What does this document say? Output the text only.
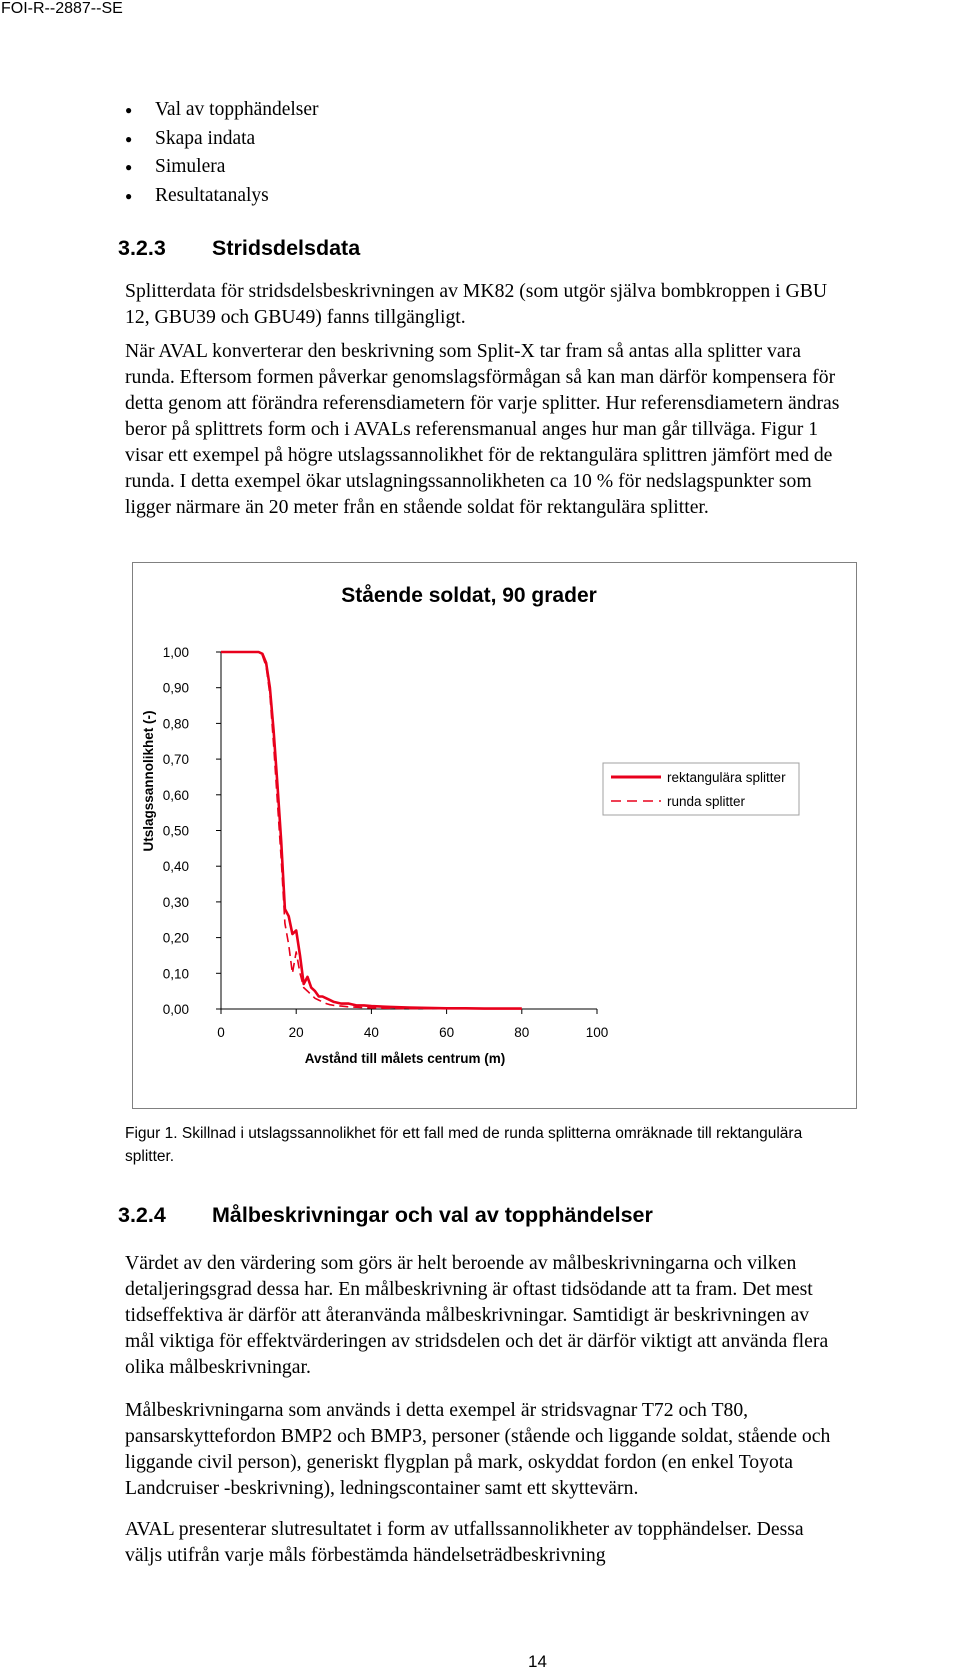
FOI-R--2887--SE
● Val av topphändelser
● Skapa indata
● Simulera
● Resultatanalys
3.2.3 Stridsdelsdata
Splitterdata för stridsdelsbeskrivningen av MK82 (som utgör själva bombkroppen i GBU
12, GBU39 och GBU49) fanns tillgängligt.
När AVAL konverterar den beskrivning som Split-X tar fram så antas alla splitter vara
runda. Eftersom formen påverkar genomslagsförmågan så kan man därför kompensera för
detta genom att förändra referensdiametern för varje splitter. Hur referensdiametern ändras
beror på splittrets form och i AVALs referensmanual anges hur man går tillväga. Figur 1
visar ett exempel på högre utslagssannolikhet för de rektangulära splittren jämfört med de
runda. I detta exempel ökar utslagningssannolikheten ca 10 % för nedslagspunkter som
ligger närmare än 20 meter från en stående soldat för rektangulära splitter.
Stående soldat, 90 grader
0,00
0,10
0,20
0,30
0,40
0,50
0,60
0,70
0,80
0,90
1,00
0	20	40	60	80	100
Avstånd till målets centrum (m)
Utslagssannolikhet (-)	rektangulära splitter
runda splitter
Figur 1. Skillnad i utslagssannolikhet för ett fall med de runda splitterna omräknade till rektangulära
splitter.
3.2.4 Målbeskrivningar och val av topphändelser
Värdet av den värdering som görs är helt beroende av målbeskrivningarna och vilken
detaljeringsgrad dessa har. En målbeskrivning är oftast tidsödande att ta fram. Det mest
tidseffektiva är därför att återanvända målbeskrivningar. Samtidigt är beskrivningen av
mål viktiga för effektvärderingen av stridsdelen och det är därför viktigt att använda flera
olika målbeskrivningar.
Målbeskrivningarna som används i detta exempel är stridsvagnar T72 och T80,
pansarskyttefordon BMP2 och BMP3, personer (stående och liggande soldat, stående och
liggande civil person), generiskt flygplan på mark, oskyddat fordon (en enkel Toyota
Landcruiser -beskrivning), ledningscontainer samt ett skyttevärn.
AVAL presenterar slutresultatet i form av utfallssannolikheter av topphändelser. Dessa
väljs utifrån varje måls förbestämda händelseträdbeskrivning
14
